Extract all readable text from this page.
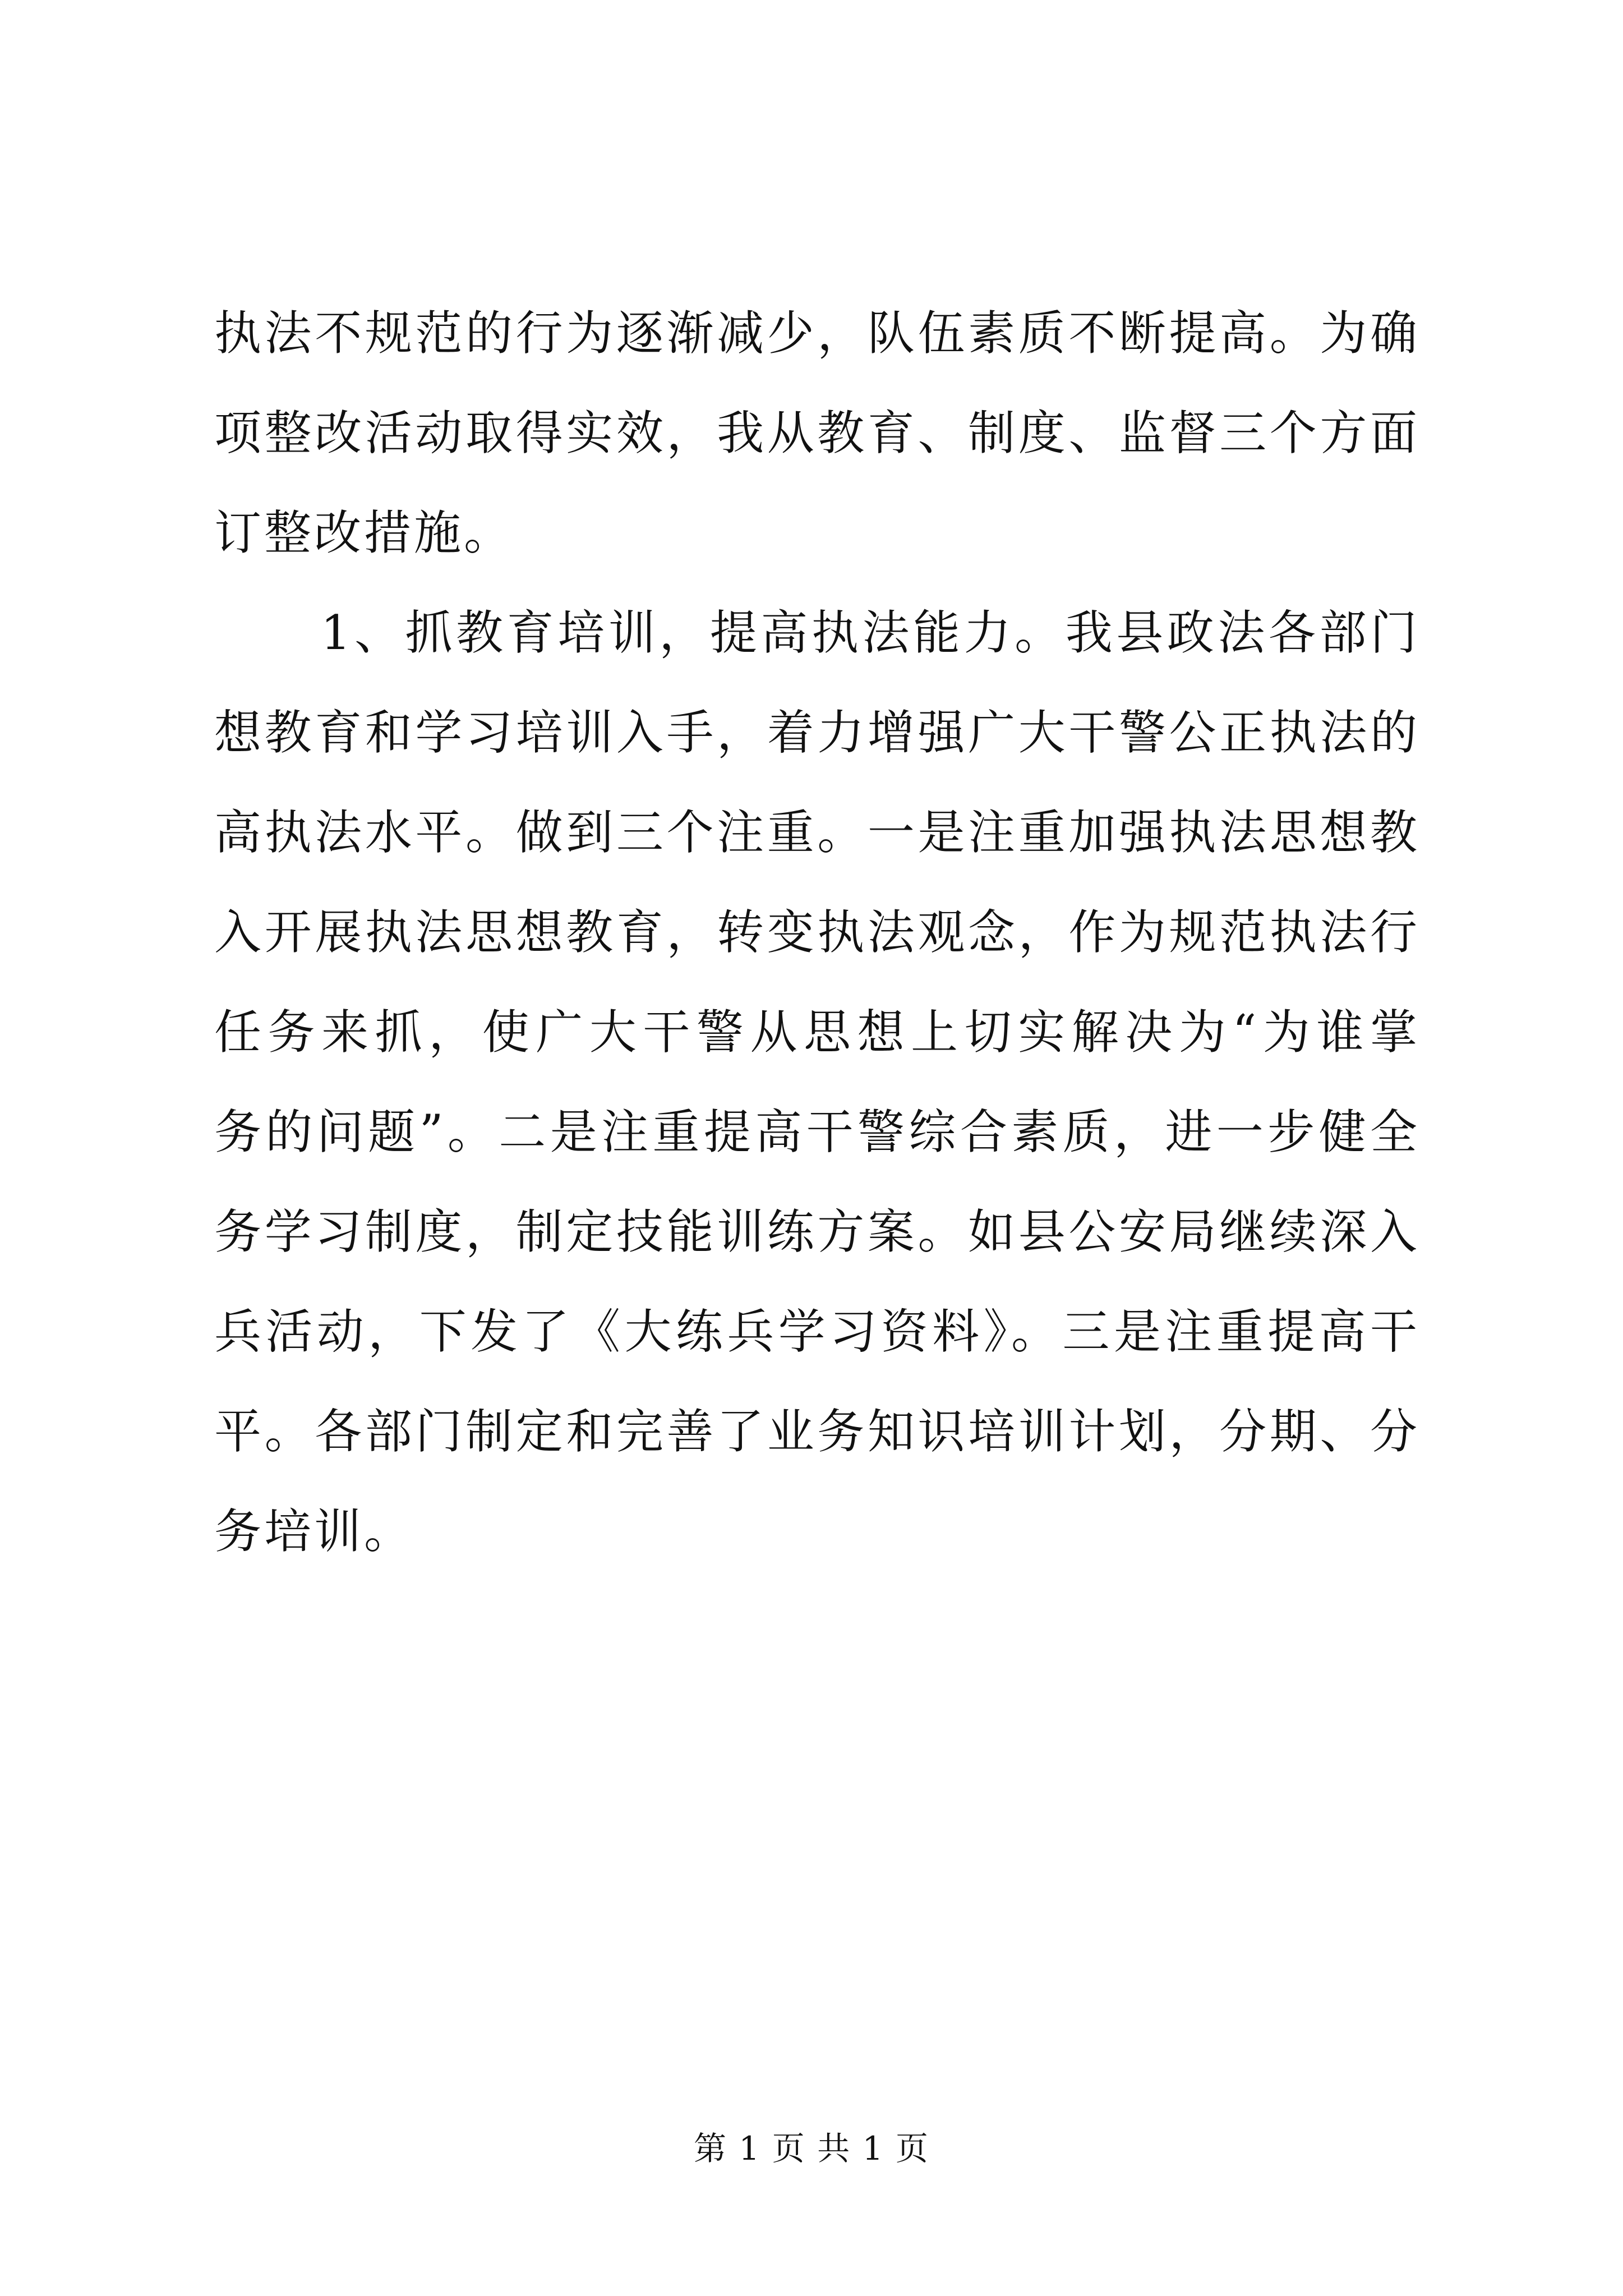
执法不规范的行为逐渐减少，队伍素质不断提高。为确
项整改活动取得实效，我从教育、制度、监督三个方面
订整改措施。
1、抓教育培训，提高执法能力。我县政法各部门
想教育和学习培训入手，着力增强广大干警公正执法的
高执法水平。做到三个注重。一是注重加强执法思想教
入开展执法思想教育，转变执法观念，作为规范执法行
任务来抓，使广大干警从思想上切实解决为“为谁掌
务的问题”。二是注重提高干警综合素质，进一步健全
务学习制度，制定技能训练方案。如县公安局继续深入
兵活动，下发了《大练兵学习资料》。三是注重提高干
平。各部门制定和完善了业务知识培训计划，分期、分
务培训。
第 1 页 共 1 页
